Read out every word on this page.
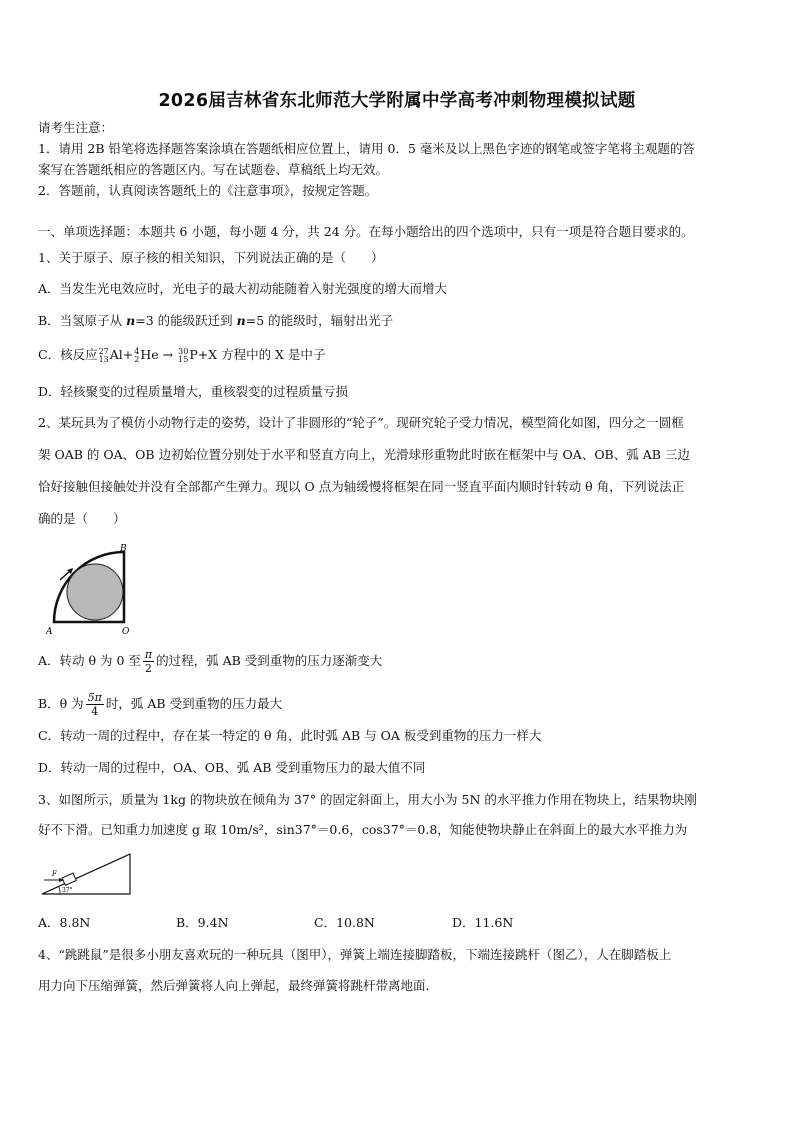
2026届吉林省东北师范大学附属中学高考冲刺物理模拟试题
请考生注意：
1．请用 2B 铅笔将选择题答案涂填在答题纸相应位置上，请用 0．5 毫米及以上黑色字迹的钢笔或签字笔将主观题的答
案写在答题纸相应的答题区内。写在试题卷、草稿纸上均无效。
2．答题前，认真阅读答题纸上的《注意事项》，按规定答题。
一、单项选择题：本题共 6 小题，每小题 4 分，共 24 分。在每小题给出的四个选项中，只有一项是符合题目要求的。
1、关于原子、原子核的相关知识，下列说法正确的是（　　）
A．当发生光电效应时，光电子的最大初动能随着入射光强度的增大而增大
B．当氢原子从 n=3 的能级跃迁到 n=5 的能级时，辐射出光子
C．核反应 27
13 Al+ 4
2 He → 30
15 P+X 方程中的 X 是中子
D．轻核聚变的过程质量增大，重核裂变的过程质量亏损
2、某玩具为了模仿小动物行走的姿势，设计了非圆形的“轮子”。现研究轮子受力情况，模型简化如图，四分之一圆框
架 OAB 的 OA、OB 边初始位置分别处于水平和竖直方向上，光滑球形重物此时嵌在框架中与 OA、OB、弧 AB 三边
恰好接触但接触处并没有全部都产生弹力。现以 O 点为轴缓慢将框架在同一竖直平面内顺时针转动 θ 角，下列说法正
确的是（　　）
A
B
O
A．转动 θ 为 0 至 $\frac{\pi}{2}$ 的过程，弧 AB 受到重物的压力逐渐变大
B．θ 为 $\frac{5\pi}{4}$ 时，弧 AB 受到重物的压力最大
C．转动一周的过程中，存在某一特定的 θ 角，此时弧 AB 与 OA 板受到重物的压力一样大
D．转动一周的过程中，OA、OB、弧 AB 受到重物压力的最大值不同
3、如图所示，质量为 1kg 的物块放在倾角为 37° 的固定斜面上，用大小为 5N 的水平推力作用在物块上，结果物块刚
好不下滑。已知重力加速度 g 取 10m/s²，sin37°＝0.6，cos37°＝0.8，知能使物块静止在斜面上的最大水平推力为
F
37°
A．8.8N	B．9.4N	C．10.8N	D．11.6N
4、“跳跳鼠”是很多小朋友喜欢玩的一种玩具（图甲），弹簧上端连接脚踏板，下端连接跳杆（图乙），人在脚踏板上
用力向下压缩弹簧，然后弹簧将人向上弹起，最终弹簧将跳杆带离地面．
